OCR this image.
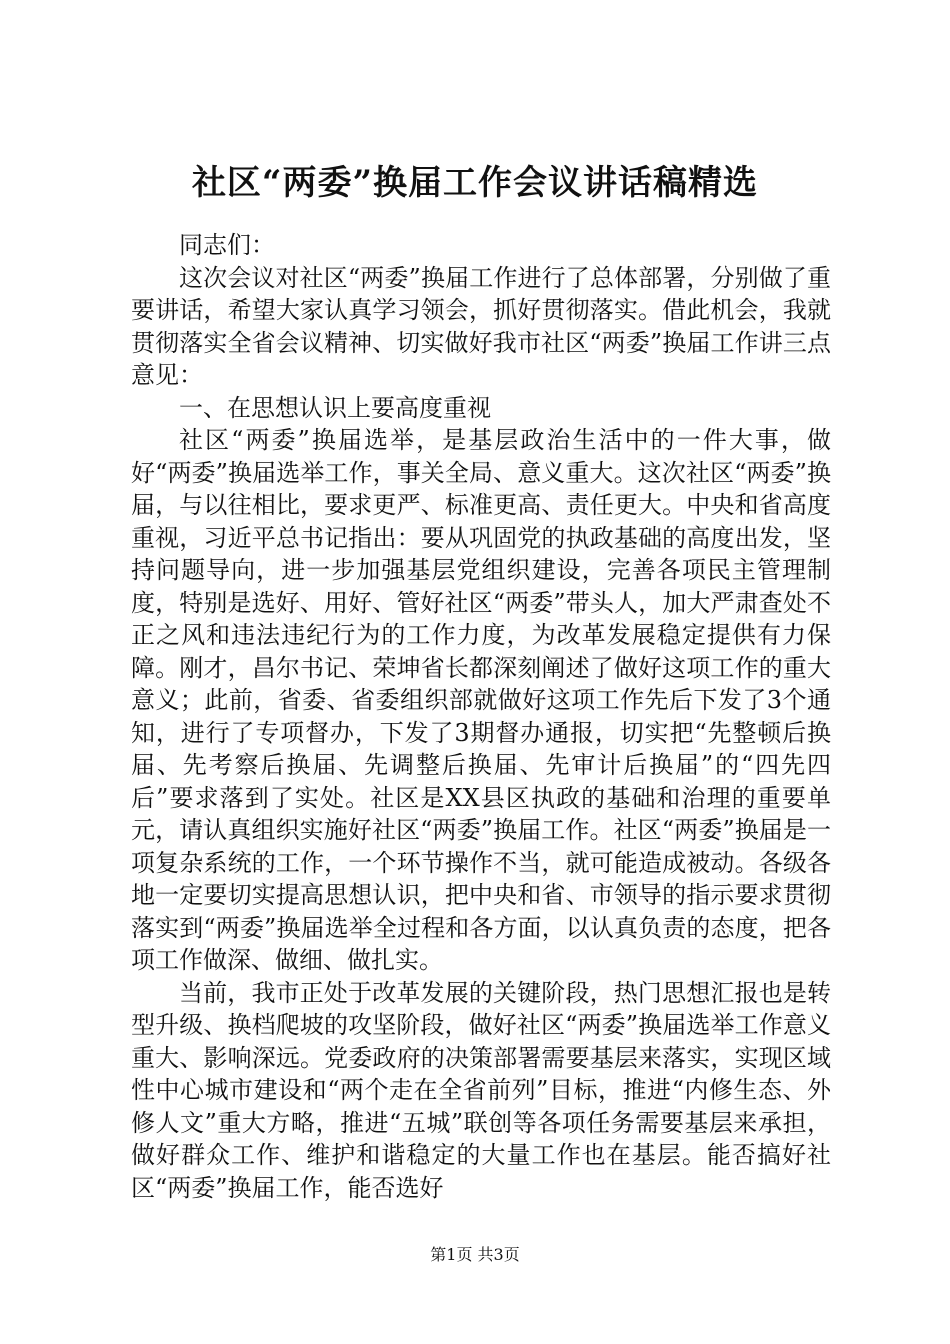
社区“两委”换届工作会议讲话稿精选

同志们：

这次会议对社区“两委”换届工作进行了总体部署，分别做了重要讲话，希望大家认真学习领会，抓好贯彻落实。借此机会，我就贯彻落实全省会议精神、切实做好我市社区“两委”换届工作讲三点意见：

一、在思想认识上要高度重视

社区“两委”换届选举，是基层政治生活中的一件大事，做好“两委”换届选举工作，事关全局、意义重大。这次社区“两委”换届，与以往相比，要求更严、标准更高、责任更大。中央和省高度重视，习近平总书记指出：要从巩固党的执政基础的高度出发，坚持问题导向，进一步加强基层党组织建设，完善各项民主管理制度，特别是选好、用好、管好社区“两委”带头人，加大严肃查处不正之风和违法违纪行为的工作力度，为改革发展稳定提供有力保障。刚才，昌尔书记、荣坤省长都深刻阐述了做好这项工作的重大意义；此前，省委、省委组织部就做好这项工作先后下发了3个通知，进行了专项督办，下发了3期督办通报，切实把“先整顿后换届、先考察后换届、先调整后换届、先审计后换届”的“四先四后”要求落到了实处。社区是XX县区执政的基础和治理的重要单元，请认真组织实施好社区“两委”换届工作。社区“两委”换届是一项复杂系统的工作，一个环节操作不当，就可能造成被动。各级各地一定要切实提高思想认识，把中央和省、市领导的指示要求贯彻落实到“两委”换届选举全过程和各方面，以认真负责的态度，把各项工作做深、做细、做扎实。

当前，我市正处于改革发展的关键阶段，热门思想汇报也是转型升级、换档爬坡的攻坚阶段，做好社区“两委”换届选举工作意义重大、影响深远。党委政府的决策部署需要基层来落实，实现区域性中心城市建设和“两个走在全省前列”目标，推进“内修生态、外修人文”重大方略，推进“五城”联创等各项任务需要基层来承担，做好群众工作、维护和谐稳定的大量工作也在基层。能否搞好社区“两委”换届工作，能否选好

第1页 共3页
